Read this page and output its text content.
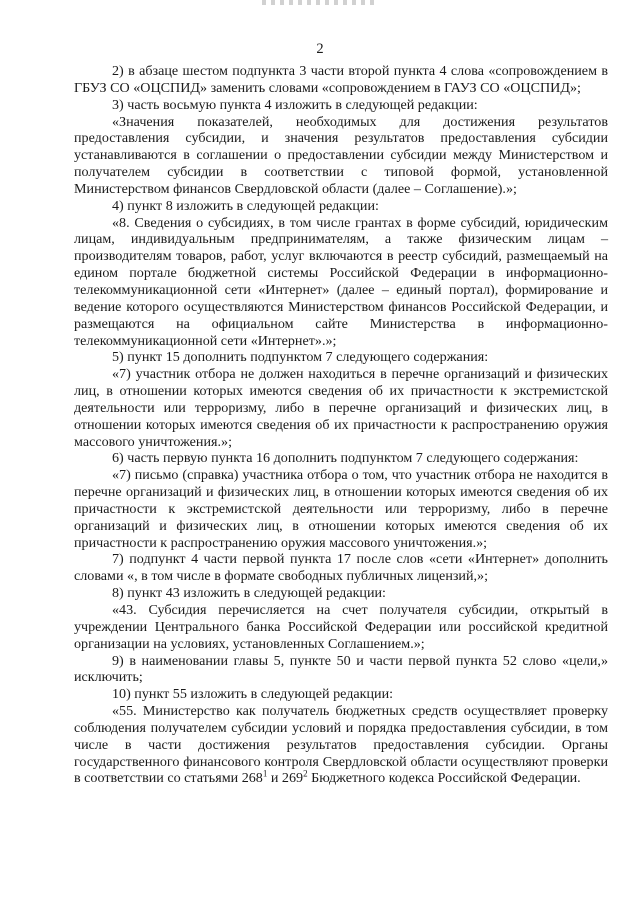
2

2) в абзаце шестом подпункта 3 части второй пункта 4 слова «сопровождением в ГБУЗ СО «ОЦСПИД» заменить словами «сопровождением в ГАУЗ СО «ОЦСПИД»;

3) часть восьмую пункта 4 изложить в следующей редакции:

«Значения показателей, необходимых для достижения результатов предоставления субсидии, и значения результатов предоставления субсидии устанавливаются в соглашении о предоставлении субсидии между Министерством и получателем субсидии в соответствии с типовой формой, установленной Министерством финансов Свердловской области (далее – Соглашение).»;

4) пункт 8 изложить в следующей редакции:

«8. Сведения о субсидиях, в том числе грантах в форме субсидий, юридическим лицам, индивидуальным предпринимателям, а также физическим лицам – производителям товаров, работ, услуг включаются в реестр субсидий, размещаемый на едином портале бюджетной системы Российской Федерации в информационно-телекоммуникационной сети «Интернет» (далее – единый портал), формирование и ведение которого осуществляются Министерством финансов Российской Федерации, и размещаются на официальном сайте Министерства в информационно-телекоммуникационной сети «Интернет».»;

5) пункт 15 дополнить подпунктом 7 следующего содержания:

«7) участник отбора не должен находиться в перечне организаций и физических лиц, в отношении которых имеются сведения об их причастности к экстремистской деятельности или терроризму, либо в перечне организаций и физических лиц, в отношении которых имеются сведения об их причастности к распространению оружия массового уничтожения.»;

6) часть первую пункта 16 дополнить подпунктом 7 следующего содержания:

«7) письмо (справка) участника отбора о том, что участник отбора не находится в перечне организаций и физических лиц, в отношении которых имеются сведения об их причастности к экстремистской деятельности или терроризму, либо в перечне организаций и физических лиц, в отношении которых имеются сведения об их причастности к распространению оружия массового уничтожения.»;

7) подпункт 4 части первой пункта 17 после слов «сети «Интернет» дополнить словами «, в том числе в формате свободных публичных лицензий,»;

8) пункт 43 изложить в следующей редакции:

«43. Субсидия перечисляется на счет получателя субсидии, открытый в учреждении Центрального банка Российской Федерации или российской кредитной организации на условиях, установленных Соглашением.»;

9) в наименовании главы 5, пункте 50 и части первой пункта 52 слово «цели,» исключить;

10) пункт 55 изложить в следующей редакции:

«55. Министерство как получатель бюджетных средств осуществляет проверку соблюдения получателем субсидии условий и порядка предоставления субсидии, в том числе в части достижения результатов предоставления субсидии. Органы государственного финансового контроля Свердловской области осуществляют проверки в соответствии со статьями $268^1$ и $269^2$ Бюджетного кодекса Российской Федерации.
